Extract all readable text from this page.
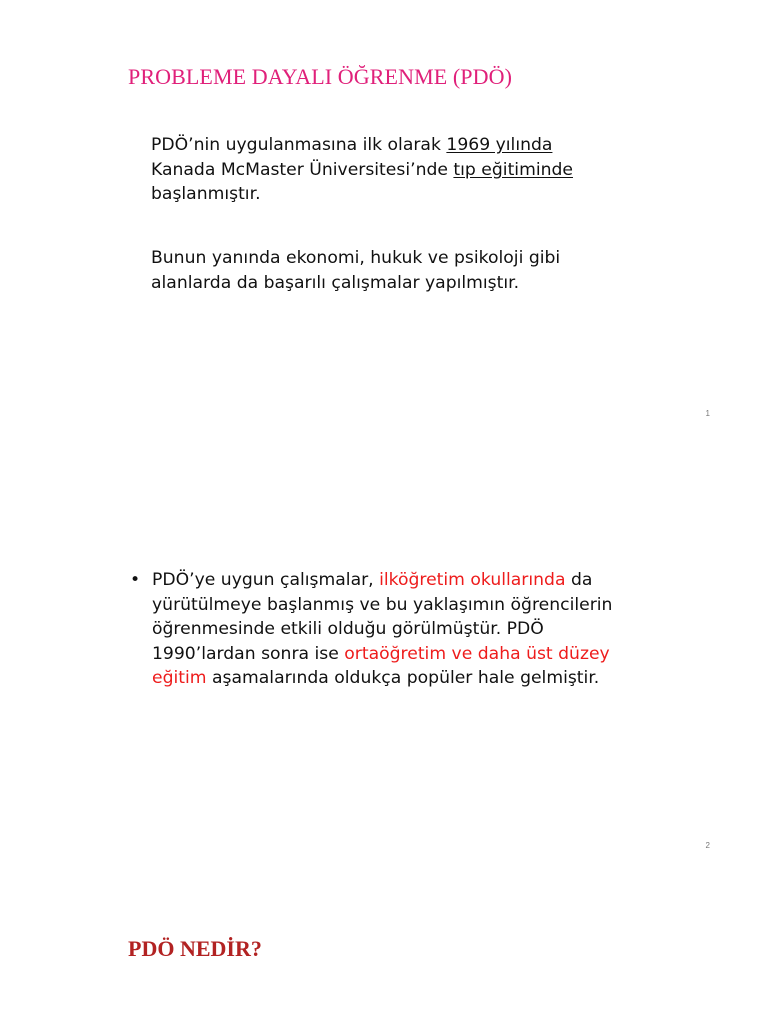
PROBLEME DAYALI ÖĞRENME (PDÖ)

PDÖ’nin uygulanmasına ilk olarak 1969 yılında
Kanada McMaster Üniversitesi’nde tıp eğitiminde
başlanmıştır.

Bunun yanında ekonomi, hukuk ve psikoloji gibi
alanlarda da başarılı çalışmalar yapılmıştır.

1
• PDÖ’ye uygun çalışmalar, ilköğretim okullarında da
yürütülmeye başlanmış ve bu yaklaşımın öğrencilerin
öğrenmesinde etkili olduğu görülmüştür. PDÖ
1990’lardan sonra ise ortaöğretim ve daha üst düzey
eğitim aşamalarında oldukça popüler hale gelmiştir.
2
PDÖ NEDİR?
